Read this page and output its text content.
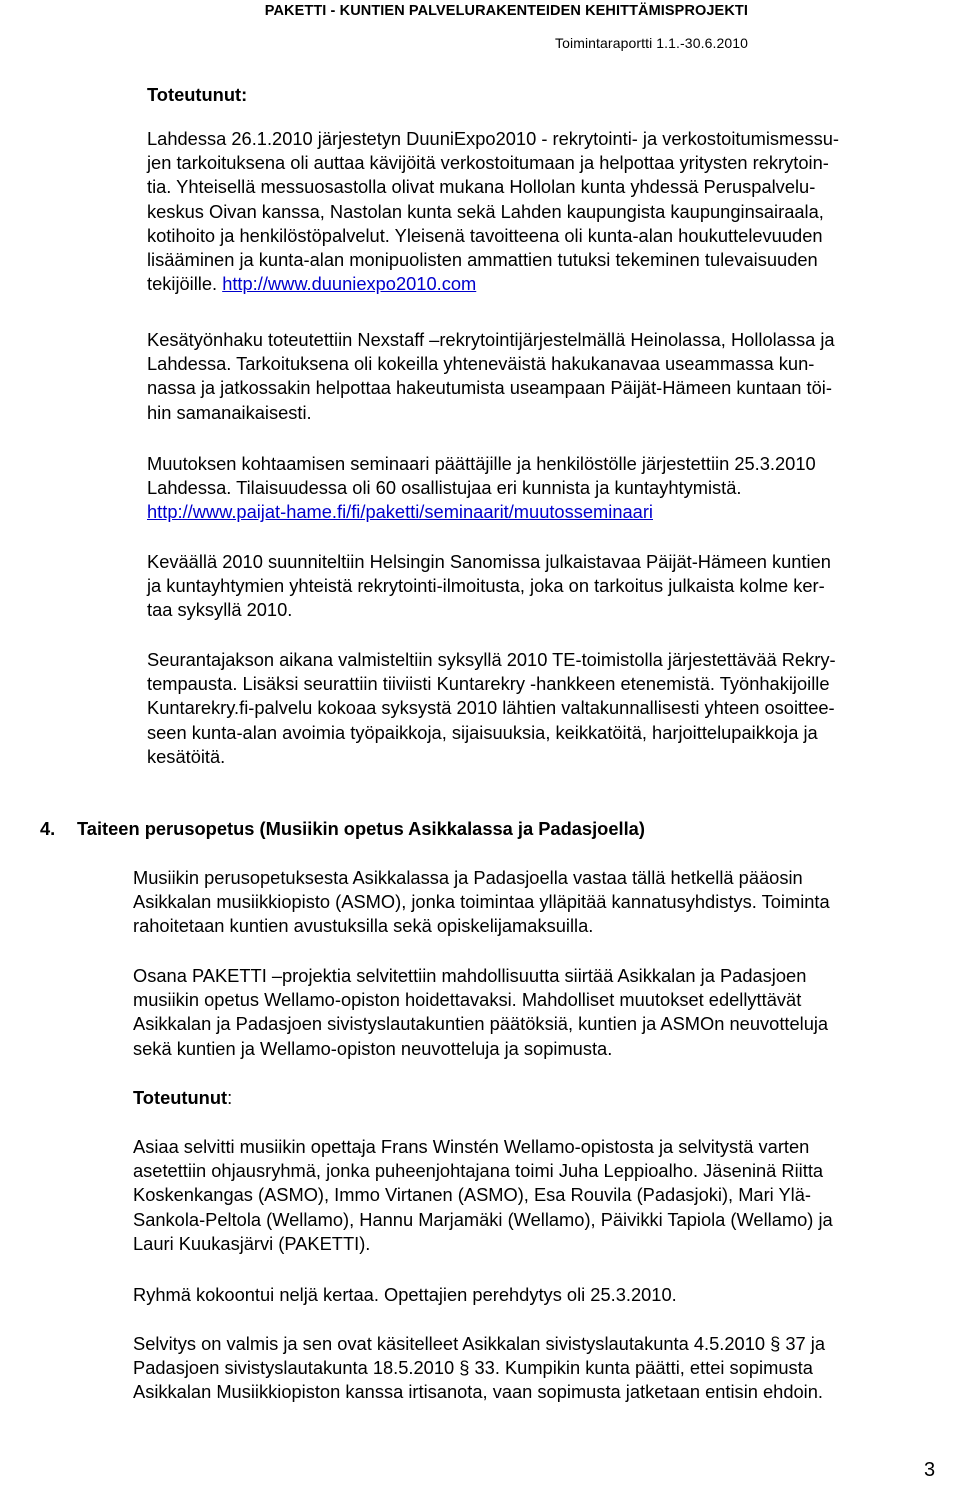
PAKETTI - KUNTIEN PALVELURAKENTEIDEN KEHITTÄMISPROJEKTI
Toimintaraportti 1.1.-30.6.2010
Toteutunut:
Lahdessa 26.1.2010 järjestetyn DuuniExpo2010 - rekrytointi- ja verkostoitumismessu-
jen tarkoituksena oli auttaa kävijöitä verkostoitumaan ja helpottaa yritysten rekrytoin-
tia. Yhteisellä messuosastolla olivat mukana Hollolan kunta yhdessä Peruspalvelu-
keskus Oivan kanssa, Nastolan kunta sekä Lahden kaupungista kaupunginsairaala,
kotihoito ja henkilöstöpalvelut. Yleisenä tavoitteena oli kunta-alan houkuttelevuuden
lisääminen ja kunta-alan monipuolisten ammattien tutuksi tekeminen tulevaisuuden
tekijöille. http://www.duuniexpo2010.com
Kesätyönhaku toteutettiin Nexstaff –rekrytointijärjestelmällä Heinolassa, Hollolassa ja
Lahdessa. Tarkoituksena oli kokeilla yhteneväistä hakukanavaa useammassa kun-
nassa ja jatkossakin helpottaa hakeutumista useampaan Päijät-Hämeen kuntaan töi-
hin samanaikaisesti.
Muutoksen kohtaamisen seminaari päättäjille ja henkilöstölle järjestettiin 25.3.2010
Lahdessa. Tilaisuudessa oli 60 osallistujaa eri kunnista ja kuntayhtymistä.
http://www.paijat-hame.fi/fi/paketti/seminaarit/muutosseminaari
Keväällä 2010 suunniteltiin Helsingin Sanomissa julkaistavaa Päijät-Hämeen kuntien
ja kuntayhtymien yhteistä rekrytointi-ilmoitusta, joka on tarkoitus julkaista kolme ker-
taa syksyllä 2010.
Seurantajakson aikana valmisteltiin syksyllä 2010 TE-toimistolla järjestettävää Rekry-
tempausta. Lisäksi seurattiin tiiviisti Kuntarekry -hankkeen etenemistä. Työnhakijoille
Kuntarekry.fi-palvelu kokoaa syksystä 2010 lähtien valtakunnallisesti yhteen osoittee-
seen kunta-alan avoimia työpaikkoja, sijaisuuksia, keikkatöitä, harjoittelupaikkoja ja
kesätöitä.
4. Taiteen perusopetus (Musiikin opetus Asikkalassa ja Padasjoella)
Musiikin perusopetuksesta Asikkalassa ja Padasjoella vastaa tällä hetkellä pääosin
Asikkalan musiikkiopisto (ASMO), jonka toimintaa ylläpitää kannatusyhdistys. Toiminta
rahoitetaan kuntien avustuksilla sekä opiskelijamaksuilla.
Osana PAKETTI –projektia selvitettiin mahdollisuutta siirtää Asikkalan ja Padasjoen
musiikin opetus Wellamo-opiston hoidettavaksi. Mahdolliset muutokset edellyttävät
Asikkalan ja Padasjoen sivistyslautakuntien päätöksiä, kuntien ja ASMOn neuvotteluja
sekä kuntien ja Wellamo-opiston neuvotteluja ja sopimusta.
Toteutunut:
Asiaa selvitti musiikin opettaja Frans Winstén Wellamo-opistosta ja selvitystä varten
asetettiin ohjausryhmä, jonka puheenjohtajana toimi Juha Leppioalho. Jäseninä Riitta
Koskenkangas (ASMO), Immo Virtanen (ASMO), Esa Rouvila (Padasjoki), Mari Ylä-
Sankola-Peltola (Wellamo), Hannu Marjamäki (Wellamo), Päivikki Tapiola (Wellamo) ja
Lauri Kuukasjärvi (PAKETTI).
Ryhmä kokoontui neljä kertaa. Opettajien perehdytys oli 25.3.2010.
Selvitys on valmis ja sen ovat käsitelleet Asikkalan sivistyslautakunta 4.5.2010 § 37 ja
Padasjoen sivistyslautakunta 18.5.2010 § 33. Kumpikin kunta päätti, ettei sopimusta
Asikkalan Musiikkiopiston kanssa irtisanota, vaan sopimusta jatketaan entisin ehdoin.
3
